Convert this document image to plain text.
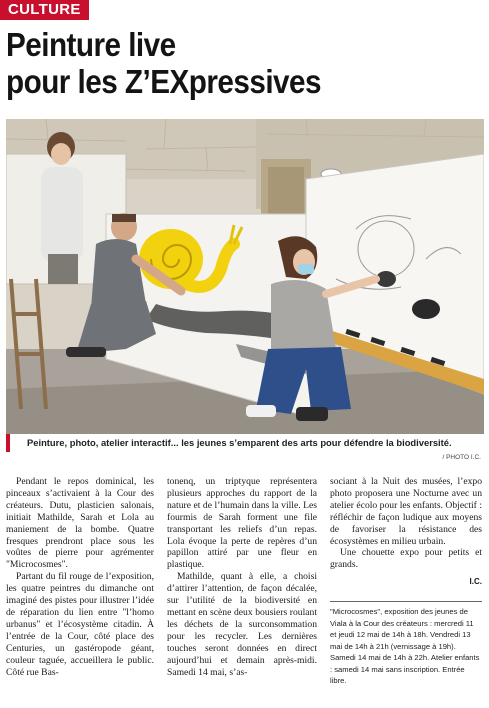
CULTURE
Peinture live
pour les Z’EXpressives
Peinture, photo, atelier interactif... les jeunes s’emparent des arts pour défendre la biodiversité.
/ PHOTO I.C.

Pendant le repos dominical, les pinceaux s’activaient à la Cour des créateurs. Dutu, plasticien salonais, initiait Mathilde, Sarah et Lola au maniement de la bombe. Quatre fresques prendront place sous les voûtes de pierre pour agrémenter "Microcosmes".

Partant du fil rouge de l’exposition, les quatre peintres du dimanche ont imaginé des pistes pour illustrer l’idée de réparation du lien entre "l’homo urbanus" et l’écosystème citadin. À l’entrée de la Cour, côté place des Centuries, un gastéropode géant, couleur taguée, accueillera le public. Côté rue Bas-

tonenq, un triptyque représentera plusieurs approches du rapport de la nature et de l’humain dans la ville. Les fourmis de Sarah forment une file transportant les reliefs d’un repas. Lola évoque la perte de repères d’un papillon attiré par une fleur en plastique.

Mathilde, quant à elle, a choisi d’attirer l’attention, de façon décalée, sur l’utilité de la biodiversité en mettant en scène deux bousiers roulant les déchets de la surconsommation pour les recycler. Les dernières touches seront données en direct aujourd’hui et demain après-midi. Samedi 14 mai, s’as-

sociant à la Nuit des musées, l’expo photo proposera une Nocturne avec un atelier écolo pour les enfants. Objectif : réfléchir de façon ludique aux moyens de favoriser la résistance des écosystèmes en milieu urbain.

Une chouette expo pour petits et grands.

I.C.
"Microcosmes", exposition des jeunes de Viala à la Cour des créateurs : mercredi 11 et jeudi 12 mai de 14h à 18h. Vendredi 13 mai de 14h à 21h (vernissage à 19h). Samedi 14 mai de 14h à 22h. Atelier enfants : samedi 14 mai sans inscription. Entrée libre.
